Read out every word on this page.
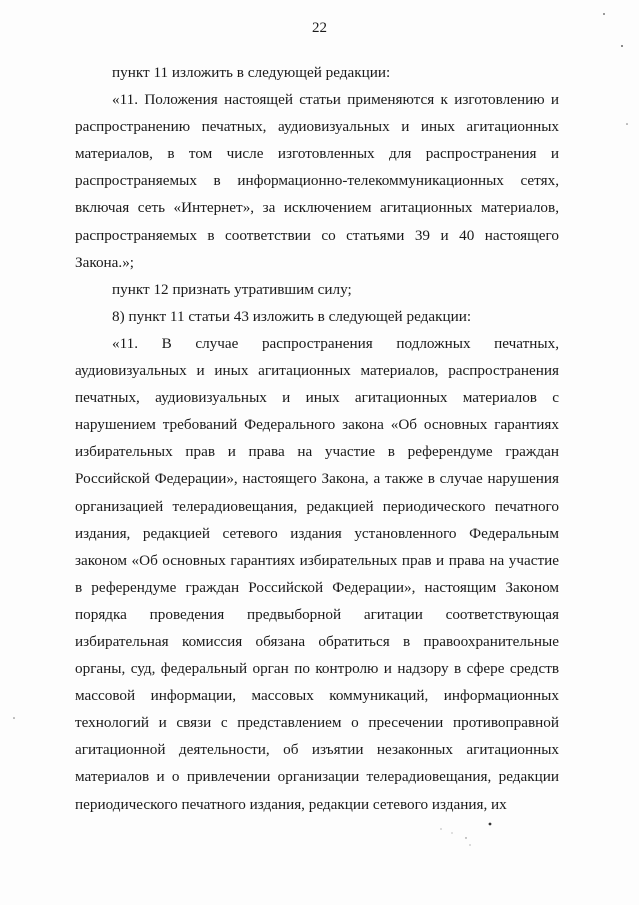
22

пункт 11 изложить в следующей редакции:

«11. Положения настоящей статьи применяются к изготовлению и распространению печатных, аудиовизуальных и иных агитационных материалов, в том числе изготовленных для распространения и распространяемых в информационно-телекоммуникационных сетях, включая сеть «Интернет», за исключением агитационных материалов, распространяемых в соответствии со статьями 39 и 40 настоящего Закона.»;

пункт 12 признать утратившим силу;

8) пункт 11 статьи 43 изложить в следующей редакции:

«11. В случае распространения подложных печатных, аудиовизуальных и иных агитационных материалов, распространения печатных, аудиовизуальных и иных агитационных материалов с нарушением требований Федерального закона «Об основных гарантиях избирательных прав и права на участие в референдуме граждан Российской Федерации», настоящего Закона, а также в случае нарушения организацией телерадиовещания, редакцией периодического печатного издания, редакцией сетевого издания установленного Федеральным законом «Об основных гарантиях избирательных прав и права на участие в референдуме граждан Российской Федерации», настоящим Законом порядка проведения предвыборной агитации соответствующая избирательная комиссия обязана обратиться в правоохранительные органы, суд, федеральный орган по контролю и надзору в сфере средств массовой информации, массовых коммуникаций, информационных технологий и связи с представлением о пресечении противоправной агитационной деятельности, об изъятии незаконных агитационных материалов и о привлечении организации телерадиовещания, редакции периодического печатного издания, редакции сетевого издания, их
